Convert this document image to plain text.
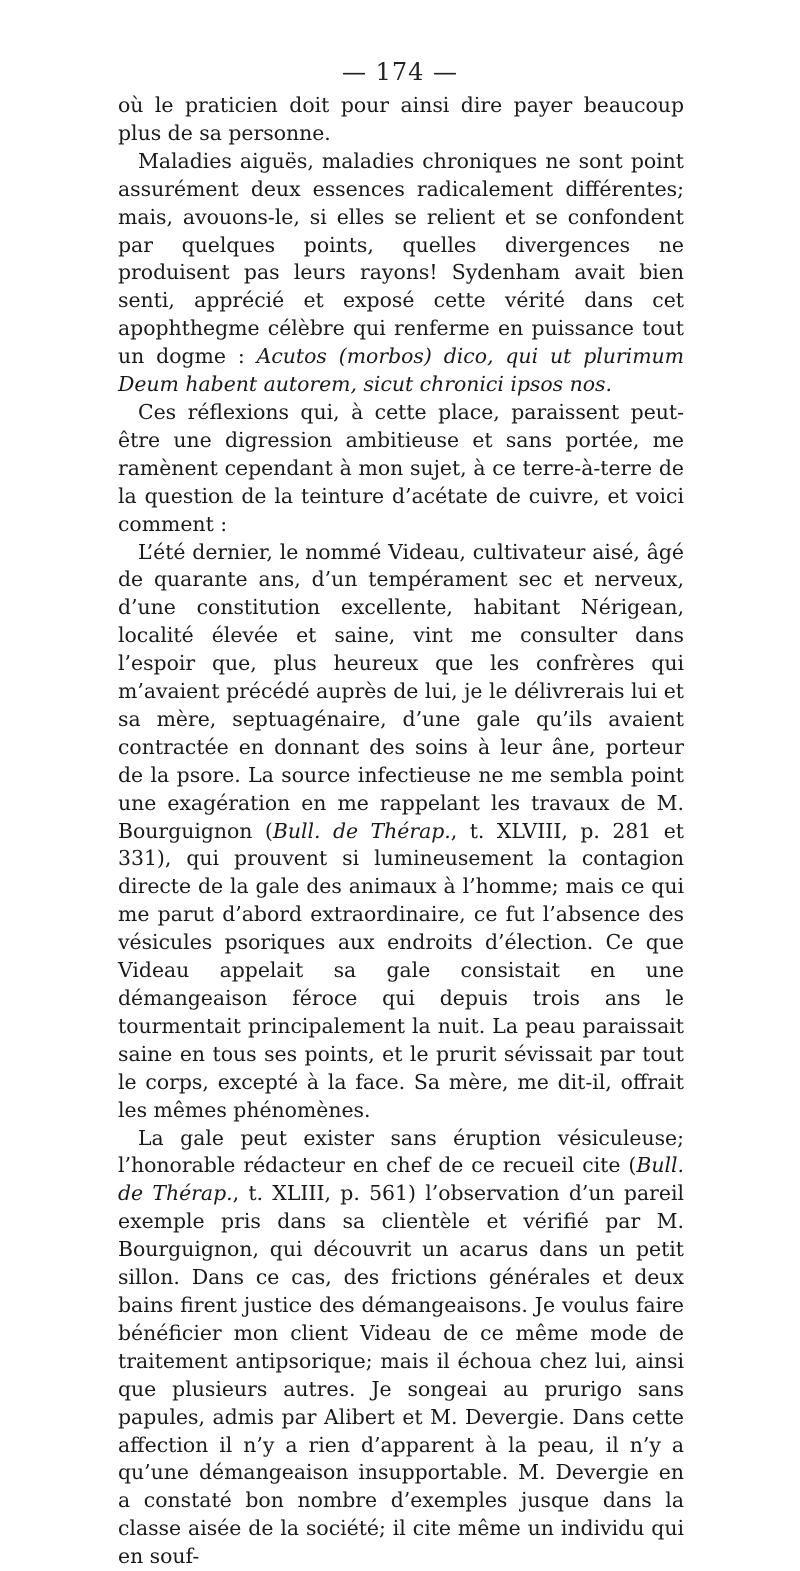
— 174 —

où le praticien doit pour ainsi dire payer beaucoup plus de sa personne.

Maladies aiguës, maladies chroniques ne sont point assurément deux essences radicalement différentes; mais, avouons-le, si elles se relient et se confondent par quelques points, quelles divergences ne produisent pas leurs rayons! Sydenham avait bien senti, apprécié et exposé cette vérité dans cet apophthegme célèbre qui renferme en puissance tout un dogme : Acutos (morbos) dico, qui ut plurimum Deum habent autorem, sicut chronici ipsos nos.

Ces réflexions qui, à cette place, paraissent peut-être une digression ambitieuse et sans portée, me ramènent cependant à mon sujet, à ce terre-à-terre de la question de la teinture d’acétate de cuivre, et voici comment :

L’été dernier, le nommé Videau, cultivateur aisé, âgé de quarante ans, d’un tempérament sec et nerveux, d’une constitution excellente, habitant Nérigean, localité élevée et saine, vint me consulter dans l’espoir que, plus heureux que les confrères qui m’avaient précédé auprès de lui, je le délivrerais lui et sa mère, septuagénaire, d’une gale qu’ils avaient contractée en donnant des soins à leur âne, porteur de la psore. La source infectieuse ne me sembla point une exagération en me rappelant les travaux de M. Bourguignon (Bull. de Thérap., t. XLVIII, p. 281 et 331), qui prouvent si lumineusement la contagion directe de la gale des animaux à l’homme; mais ce qui me parut d’abord extraordinaire, ce fut l’absence des vésicules psoriques aux endroits d’élection. Ce que Videau appelait sa gale consistait en une démangeaison féroce qui depuis trois ans le tourmentait principalement la nuit. La peau paraissait saine en tous ses points, et le prurit sévissait par tout le corps, excepté à la face. Sa mère, me dit-il, offrait les mêmes phénomènes.

La gale peut exister sans éruption vésiculeuse; l’honorable rédacteur en chef de ce recueil cite (Bull. de Thérap., t. XLIII, p. 561) l’observation d’un pareil exemple pris dans sa clientèle et vérifié par M. Bourguignon, qui découvrit un acarus dans un petit sillon. Dans ce cas, des frictions générales et deux bains firent justice des démangeaisons. Je voulus faire bénéficier mon client Videau de ce même mode de traitement antipsorique; mais il échoua chez lui, ainsi que plusieurs autres. Je songeai au prurigo sans papules, admis par Alibert et M. Devergie. Dans cette affection il n’y a rien d’apparent à la peau, il n’y a qu’une démangeaison insupportable. M. Devergie en a constaté bon nombre d’exemples jusque dans la classe aisée de la société; il cite même un individu qui en souf-
